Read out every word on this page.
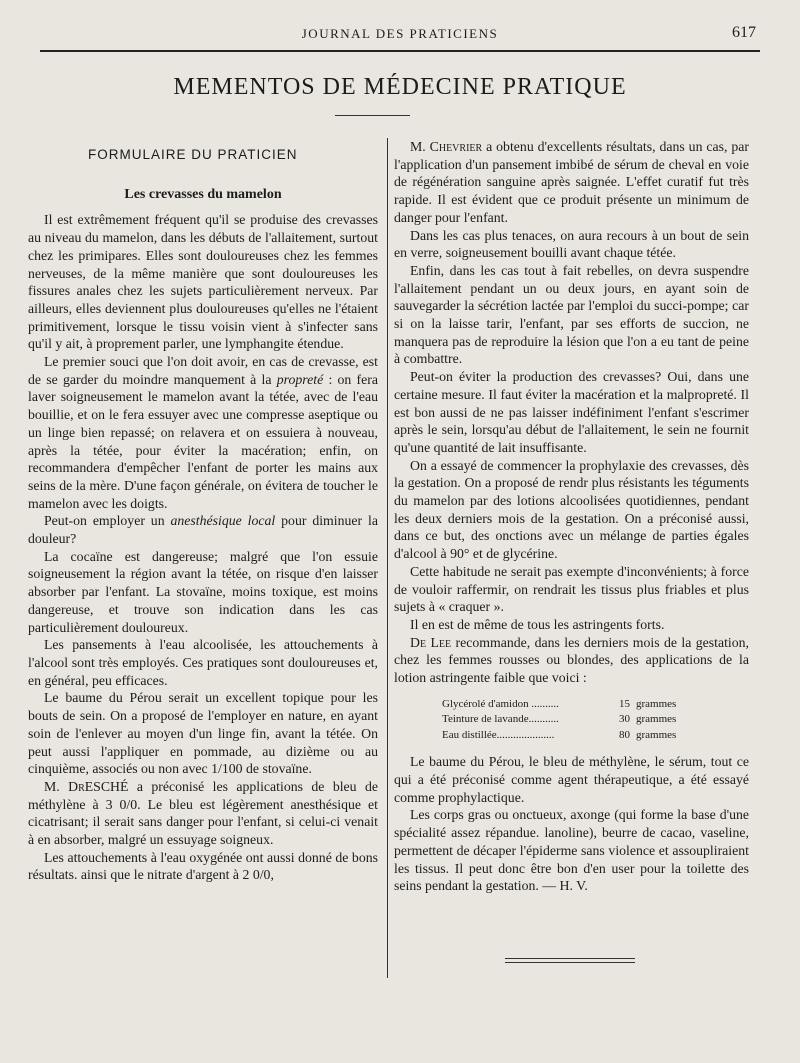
JOURNAL DES PRATICIENS	617
MEMENTOS DE MÉDECINE PRATIQUE
FORMULAIRE DU PRATICIEN
Les crevasses du mamelon

Il est extrêmement fréquent qu'il se produise des crevasses au niveau du mamelon, dans les débuts de l'allaitement, surtout chez les primipares. Elles sont douloureuses chez les femmes nerveuses, de la même manière que sont douloureuses les fissures anales chez les sujets particulièrement nerveux. Par ailleurs, elles deviennent plus douloureuses qu'elles ne l'étaient primitivement, lorsque le tissu voisin vient à s'infecter sans qu'il y ait, à proprement parler, une lymphangite étendue.

Le premier souci que l'on doit avoir, en cas de crevasse, est de se garder du moindre manquement à la propreté : on fera laver soigneusement le mamelon avant la tétée, avec de l'eau bouillie, et on le fera essuyer avec une compresse aseptique ou un linge bien repassé; on relavera et on essuiera à nouveau, après la tétée, pour éviter la macération; enfin, on recommandera d'empêcher l'enfant de porter les mains aux seins de la mère. D'une façon générale, on évitera de toucher le mamelon avec les doigts.

Peut-on employer un anesthésique local pour diminuer la douleur?

La cocaïne est dangereuse; malgré que l'on essuie soigneusement la région avant la tétée, on risque d'en laisser absorber par l'enfant. La stovaïne, moins toxique, est moins dangereuse, et trouve son indication dans les cas particulièrement douloureux.

Les pansements à l'eau alcoolisée, les attouchements à l'alcool sont très employés. Ces pratiques sont douloureuses et, en général, peu efficaces.

Le baume du Pérou serait un excellent topique pour les bouts de sein. On a proposé de l'employer en nature, en ayant soin de l'enlever au moyen d'un linge fin, avant la tétée. On peut aussi l'appliquer en pommade, au dizième ou au cinquième, associés ou non avec 1/100 de stovaïne.

M. DrESCHÉ a préconisé les applications de bleu de méthylène à 3 0/0. Le bleu est légèrement anesthésique et cicatrisant; il serait sans danger pour l'enfant, si celui-ci venait à en absorber, malgré un essuyage soigneux.

Les attouchements à l'eau oxygénée ont aussi donné de bons résultats. ainsi que le nitrate d'argent à 2 0/0,

M. Chevrier a obtenu d'excellents résultats, dans un cas, par l'application d'un pansement imbibé de sérum de cheval en voie de régénération sanguine après saignée. L'effet curatif fut très rapide. Il est évident que ce produit présente un minimum de danger pour l'enfant.

Dans les cas plus tenaces, on aura recours à un bout de sein en verre, soigneusement bouilli avant chaque tétée.

Enfin, dans les cas tout à fait rebelles, on devra suspendre l'allaitement pendant un ou deux jours, en ayant soin de sauvegarder la sécrétion lactée par l'emploi du succi-pompe; car si on la laisse tarir, l'enfant, par ses efforts de succion, ne manquera pas de reproduire la lésion que l'on a eu tant de peine à combattre.

Peut-on éviter la production des crevasses? Oui, dans une certaine mesure. Il faut éviter la macération et la malpropreté. Il est bon aussi de ne pas laisser indéfiniment l'enfant s'escrimer après le sein, lorsqu'au début de l'allaitement, le sein ne fournit qu'une quantité de lait insuffisante.

On a essayé de commencer la prophylaxie des crevasses, dès la gestation. On a proposé de rendr plus résistants les téguments du mamelon par des lotions alcoolisées quotidiennes, pendant les deux derniers mois de la gestation. On a préconisé aussi, dans ce but, des onctions avec un mélange de parties égales d'alcool à 90° et de glycérine.

Cette habitude ne serait pas exempte d'inconvénients; à force de vouloir raffermir, on rendrait les tissus plus friables et plus sujets à « craquer ».

Il en est de même de tous les astringents forts.

De Lee recommande, dans les derniers mois de la gestation, chez les femmes rousses ou blondes, des applications de la lotion astringente faible que voici :

Glycérolé d'amidon ..........	15 grammes
Teinture de lavande...........	30 grammes
Eau distillée.....................	80 grammes

Le baume du Pérou, le bleu de méthylène, le sérum, tout ce qui a été préconisé comme agent thérapeutique, a été essayé comme prophylactique.

Les corps gras ou onctueux, axonge (qui forme la base d'une spécialité assez répandue. lanoline), beurre de cacao, vaseline, permettent de décaper l'épiderme sans violence et assoupliraient les tissus. Il peut donc être bon d'en user pour la toilette des seins pendant la gestation. — H. V.
